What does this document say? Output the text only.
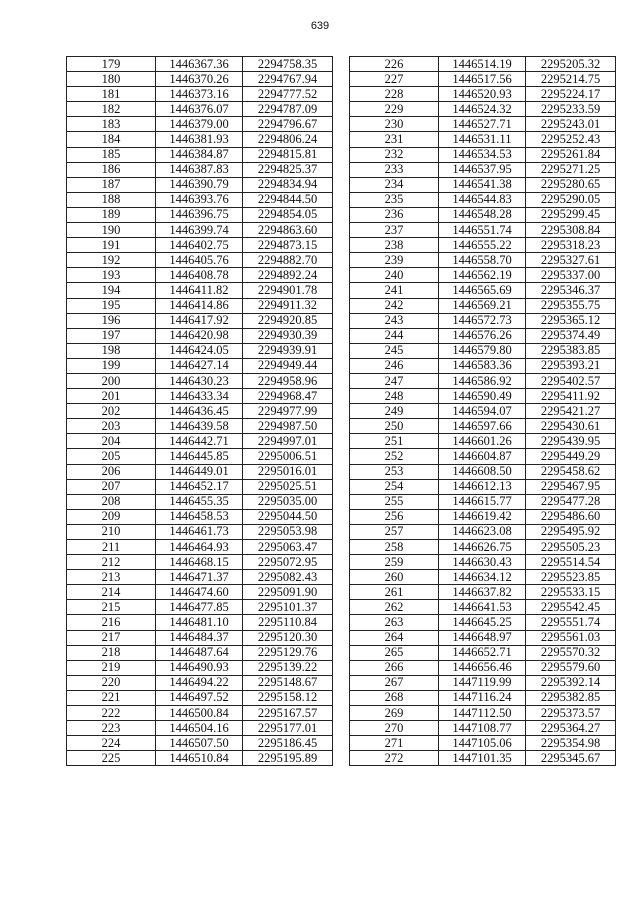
639
179	1446367.36	2294758.35
180	1446370.26	2294767.94
181	1446373.16	2294777.52
182	1446376.07	2294787.09
183	1446379.00	2294796.67
184	1446381.93	2294806.24
185	1446384.87	2294815.81
186	1446387.83	2294825.37
187	1446390.79	2294834.94
188	1446393.76	2294844.50
189	1446396.75	2294854.05
190	1446399.74	2294863.60
191	1446402.75	2294873.15
192	1446405.76	2294882.70
193	1446408.78	2294892.24
194	1446411.82	2294901.78
195	1446414.86	2294911.32
196	1446417.92	2294920.85
197	1446420.98	2294930.39
198	1446424.05	2294939.91
199	1446427.14	2294949.44
200	1446430.23	2294958.96
201	1446433.34	2294968.47
202	1446436.45	2294977.99
203	1446439.58	2294987.50
204	1446442.71	2294997.01
205	1446445.85	2295006.51
206	1446449.01	2295016.01
207	1446452.17	2295025.51
208	1446455.35	2295035.00
209	1446458.53	2295044.50
210	1446461.73	2295053.98
211	1446464.93	2295063.47
212	1446468.15	2295072.95
213	1446471.37	2295082.43
214	1446474.60	2295091.90
215	1446477.85	2295101.37
216	1446481.10	2295110.84
217	1446484.37	2295120.30
218	1446487.64	2295129.76
219	1446490.93	2295139.22
220	1446494.22	2295148.67
221	1446497.52	2295158.12
222	1446500.84	2295167.57
223	1446504.16	2295177.01
224	1446507.50	2295186.45
225	1446510.84	2295195.89
226	1446514.19	2295205.32
227	1446517.56	2295214.75
228	1446520.93	2295224.17
229	1446524.32	2295233.59
230	1446527.71	2295243.01
231	1446531.11	2295252.43
232	1446534.53	2295261.84
233	1446537.95	2295271.25
234	1446541.38	2295280.65
235	1446544.83	2295290.05
236	1446548.28	2295299.45
237	1446551.74	2295308.84
238	1446555.22	2295318.23
239	1446558.70	2295327.61
240	1446562.19	2295337.00
241	1446565.69	2295346.37
242	1446569.21	2295355.75
243	1446572.73	2295365.12
244	1446576.26	2295374.49
245	1446579.80	2295383.85
246	1446583.36	2295393.21
247	1446586.92	2295402.57
248	1446590.49	2295411.92
249	1446594.07	2295421.27
250	1446597.66	2295430.61
251	1446601.26	2295439.95
252	1446604.87	2295449.29
253	1446608.50	2295458.62
254	1446612.13	2295467.95
255	1446615.77	2295477.28
256	1446619.42	2295486.60
257	1446623.08	2295495.92
258	1446626.75	2295505.23
259	1446630.43	2295514.54
260	1446634.12	2295523.85
261	1446637.82	2295533.15
262	1446641.53	2295542.45
263	1446645.25	2295551.74
264	1446648.97	2295561.03
265	1446652.71	2295570.32
266	1446656.46	2295579.60
267	1447119.99	2295392.14
268	1447116.24	2295382.85
269	1447112.50	2295373.57
270	1447108.77	2295364.27
271	1447105.06	2295354.98
272	1447101.35	2295345.67
